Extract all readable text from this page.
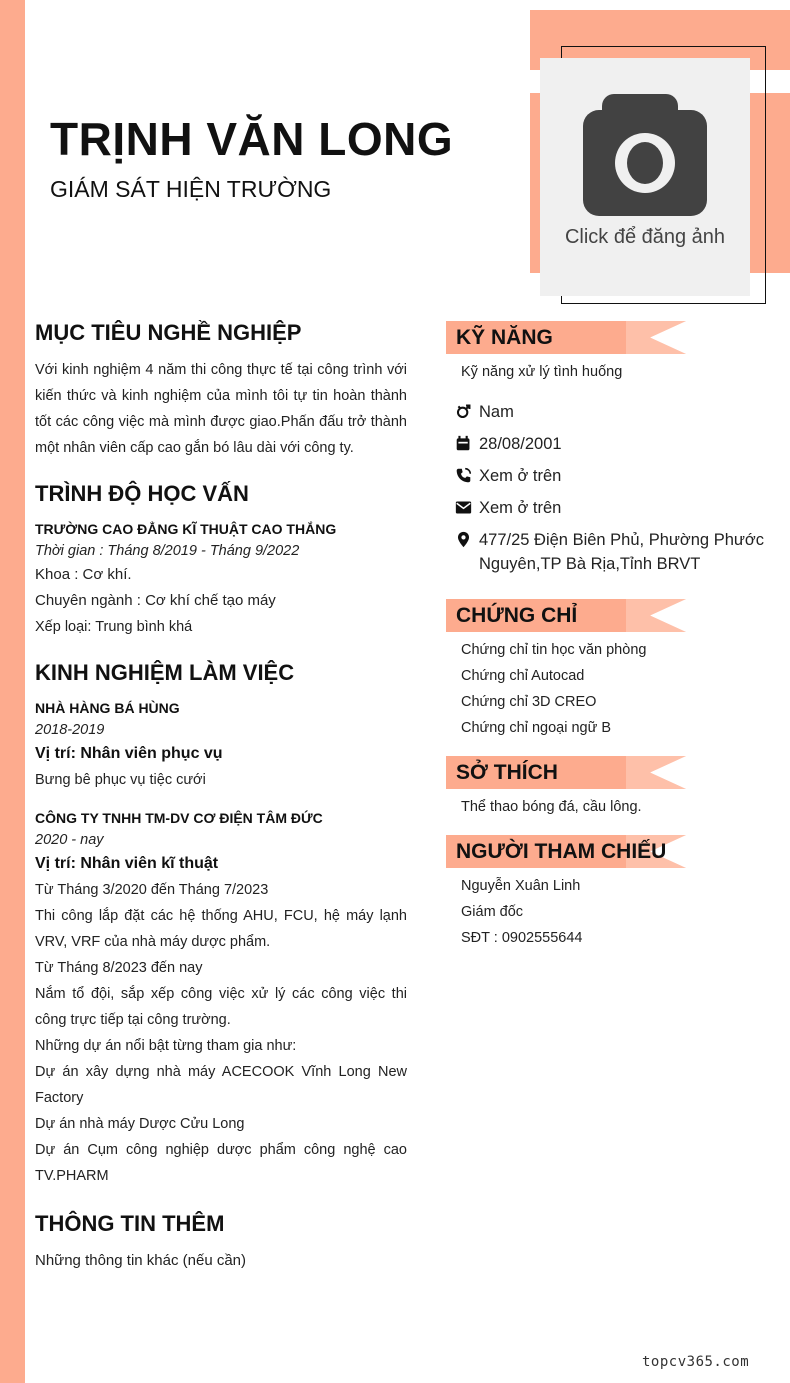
TRỊNH VĂN LONG
GIÁM SÁT HIỆN TRƯỜNG
Click để đăng ảnh
MỤC TIÊU NGHỀ NGHIỆP
Với kinh nghiệm 4 năm thi công thực tế tại công trình với kiến thức và kinh nghiệm của mình tôi tự tin hoàn thành tốt các công việc mà mình được giao.Phấn đấu trở thành một nhân viên cấp cao gắn bó lâu dài với công ty.
TRÌNH ĐỘ HỌC VẤN
TRƯỜNG CAO ĐẲNG KĨ THUẬT CAO THẮNG
Thời gian : Tháng 8/2019 - Tháng 9/2022
Khoa : Cơ khí.
Chuyên ngành : Cơ khí chế tạo máy
Xếp loại: Trung bình khá
KINH NGHIỆM LÀM VIỆC
NHÀ HÀNG BÁ HÙNG
2018-2019
Vị trí: Nhân viên phục vụ
Bưng bê phục vụ tiệc cưới
CÔNG TY TNHH TM-DV CƠ ĐIỆN TÂM ĐỨC
2020 - nay
Vị trí: Nhân viên kĩ thuật
Từ Tháng 3/2020 đến Tháng 7/2023
Thi công lắp đặt các hệ thống AHU, FCU, hệ máy lạnh VRV, VRF của nhà máy dược phẩm.
Từ Tháng 8/2023 đến nay
Nắm tổ đội, sắp xếp công việc xử lý các công việc thi công trực tiếp tại công trường.
Những dự án nổi bật từng tham gia như:
Dự án xây dựng nhà máy ACECOOK Vĩnh Long New Factory
Dự án nhà máy Dược Cửu Long
Dự án Cụm công nghiệp dược phẩm công nghệ cao TV.PHARM
THÔNG TIN THÊM
Những thông tin khác (nếu cần)
KỸ NĂNG
Kỹ năng xử lý tình huống
Nam
28/08/2001
Xem ở trên
Xem ở trên
477/25 Điện Biên Phủ, Phường Phước Nguyên,TP Bà Rịa,Tỉnh BRVT
CHỨNG CHỈ
Chứng chỉ tin học văn phòng
Chứng chỉ Autocad
Chứng chỉ 3D CREO
Chứng chỉ ngoại ngữ B
SỞ THÍCH
Thể thao bóng đá, cầu lông.
NGƯỜI THAM CHIẾU
Nguyễn Xuân Linh
Giám đốc
SĐT : 0902555644
topcv365.com
